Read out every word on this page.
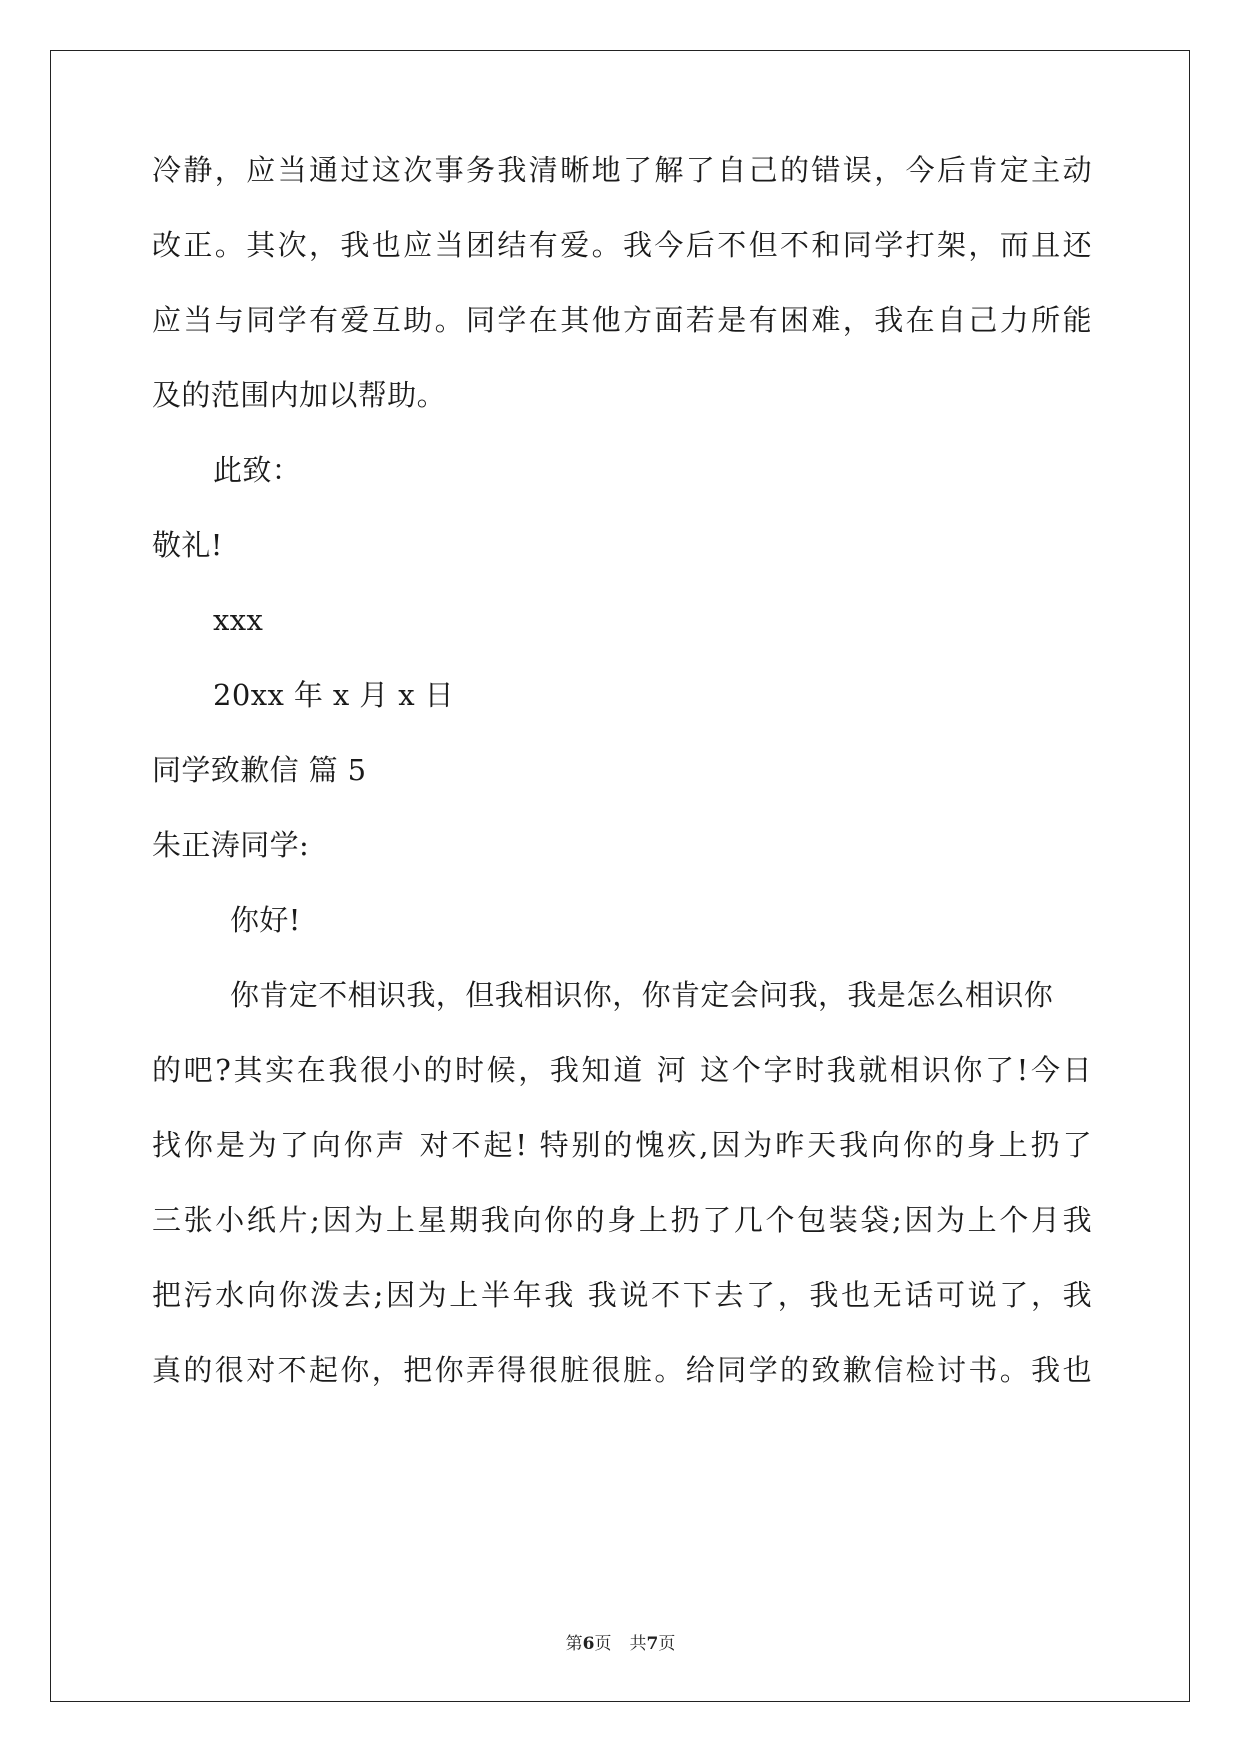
冷静，应当通过这次事务我清晰地了解了自己的错误，今后肯定主动
改正。其次，我也应当团结有爱。我今后不但不和同学打架，而且还
应当与同学有爱互助。同学在其他方面若是有困难，我在自己力所能
及的范围内加以帮助。
此致：
敬礼!
xxx
20xx 年 x 月 x 日
同学致歉信 篇 5
朱正涛同学:
你好!
你肯定不相识我，但我相识你，你肯定会问我，我是怎么相识你
的吧?其实在我很小的时候，我知道 河 这个字时我就相识你了!今日
找你是为了向你声 对不起! 特别的愧疚,因为昨天我向你的身上扔了
三张小纸片;因为上星期我向你的身上扔了几个包装袋;因为上个月我
把污水向你泼去;因为上半年我 我说不下去了，我也无话可说了，我
真的很对不起你，把你弄得很脏很脏。给同学的致歉信检讨书。我也
第6页 共7页
